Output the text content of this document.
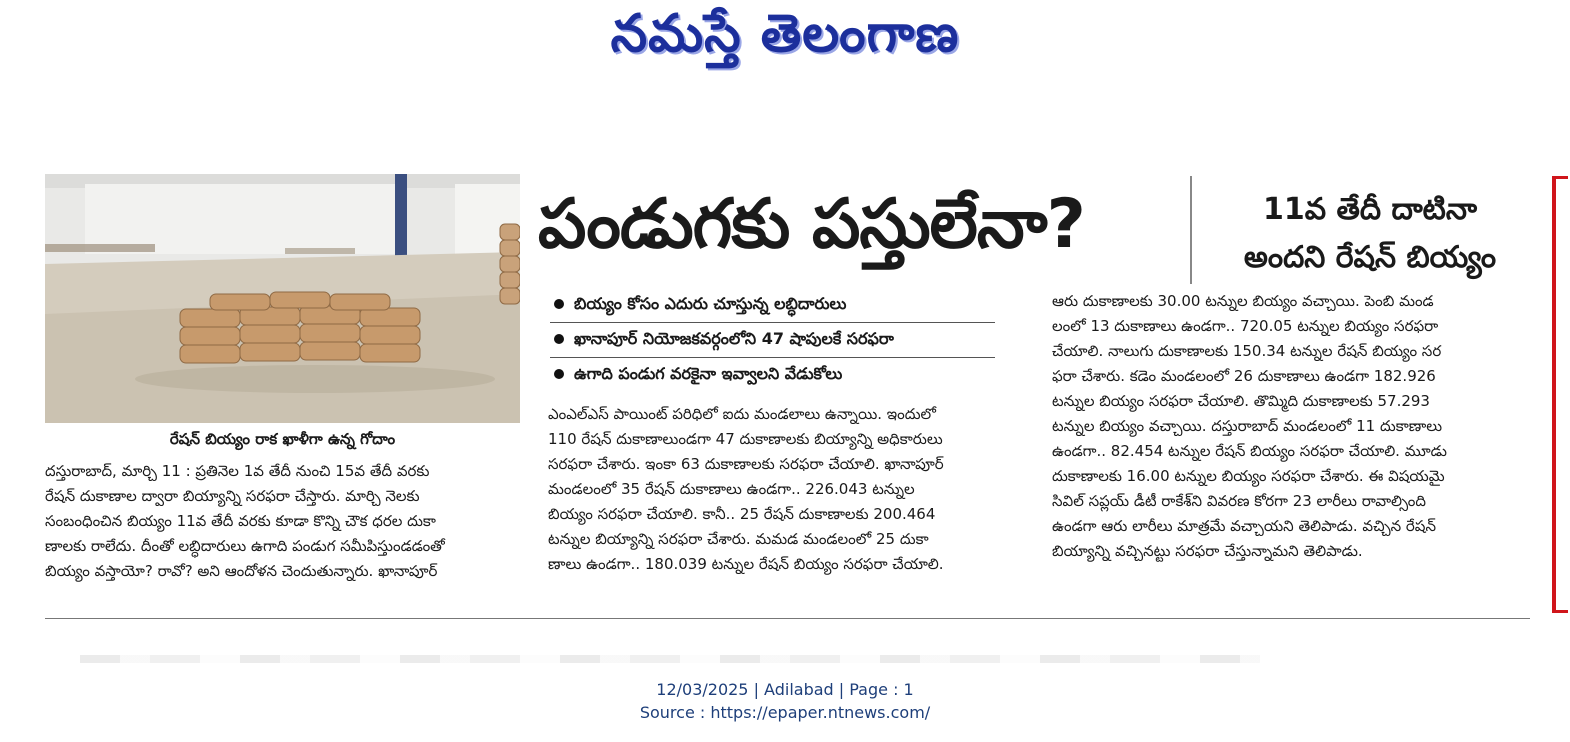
నమస్తే తెలంగాణ
రేషన్ బియ్యం రాక ఖాళీగా ఉన్న గోదాం
పండుగకు పస్తులేనా?	11వ తేదీ దాటినా
అందని రేషన్ బియ్యం
బియ్యం కోసం ఎదురు చూస్తున్న లబ్ధిదారులు
ఖానాపూర్ నియోజకవర్గంలోని 47 షాపులకే సరఫరా
ఉగాది పండుగ వరకైనా ఇవ్వాలని వేడుకోలు
దస్తురాబాద్, మార్చి 11 : ప్రతినెల 1వ తేదీ నుంచి 15వ తేదీ వరకు
రేషన్ దుకాణాల ద్వారా బియ్యాన్ని సరఫరా చేస్తారు. మార్చి నెలకు
సంబంధించిన బియ్యం 11వ తేదీ వరకు కూడా కొన్ని చౌక ధరల దుకా
ణాలకు రాలేదు. దీంతో లబ్ధిదారులు ఉగాది పండుగ సమీపిస్తుండడంతో
బియ్యం వస్తాయో? రావో? అని ఆందోళన చెందుతున్నారు. ఖానాపూర్
ఎంఎల్ఎస్ పాయింట్ పరిధిలో ఐదు మండలాలు ఉన్నాయి. ఇందులో
110 రేషన్ దుకాణాలుండగా 47 దుకాణాలకు బియ్యాన్ని అధికారులు
సరఫరా చేశారు. ఇంకా 63 దుకాణాలకు సరఫరా చేయాలి. ఖానాపూర్
మండలంలో 35 రేషన్ దుకాణాలు ఉండగా.. 226.043 టన్నుల
బియ్యం సరఫరా చేయాలి. కానీ.. 25 రేషన్ దుకాణాలకు 200.464
టన్నుల బియ్యాన్ని సరఫరా చేశారు. మమడ మండలంలో 25 దుకా
ణాలు ఉండగా.. 180.039 టన్నుల రేషన్ బియ్యం సరఫరా చేయాలి.
ఆరు దుకాణాలకు 30.00 టన్నుల బియ్యం వచ్చాయి. పెంబి మండ
లంలో 13 దుకాణాలు ఉండగా.. 720.05 టన్నుల బియ్యం సరఫరా
చేయాలి. నాలుగు దుకాణాలకు 150.34 టన్నుల రేషన్ బియ్యం సర
ఫరా చేశారు. కడెం మండలంలో 26 దుకాణాలు ఉండగా 182.926
టన్నుల బియ్యం సరఫరా చేయాలి. తొమ్మిది దుకాణాలకు 57.293
టన్నుల బియ్యం వచ్చాయి. దస్తురాబాద్ మండలంలో 11 దుకాణాలు
ఉండగా.. 82.454 టన్నుల రేషన్ బియ్యం సరఫరా చేయాలి. మూడు
దుకాణాలకు 16.00 టన్నుల బియ్యం సరఫరా చేశారు. ఈ విషయమై
సివిల్ సప్లయ్ డీటీ రాకేశ్‌ని వివరణ కోరగా 23 లారీలు రావాల్సింది
ఉండగా ఆరు లారీలు మాత్రమే వచ్చాయని తెలిపాడు. వచ్చిన రేషన్
బియ్యాన్ని వచ్చినట్టు సరఫరా చేస్తున్నామని తెలిపాడు.
12/03/2025 | Adilabad | Page : 1
Source : https://epaper.ntnews.com/
